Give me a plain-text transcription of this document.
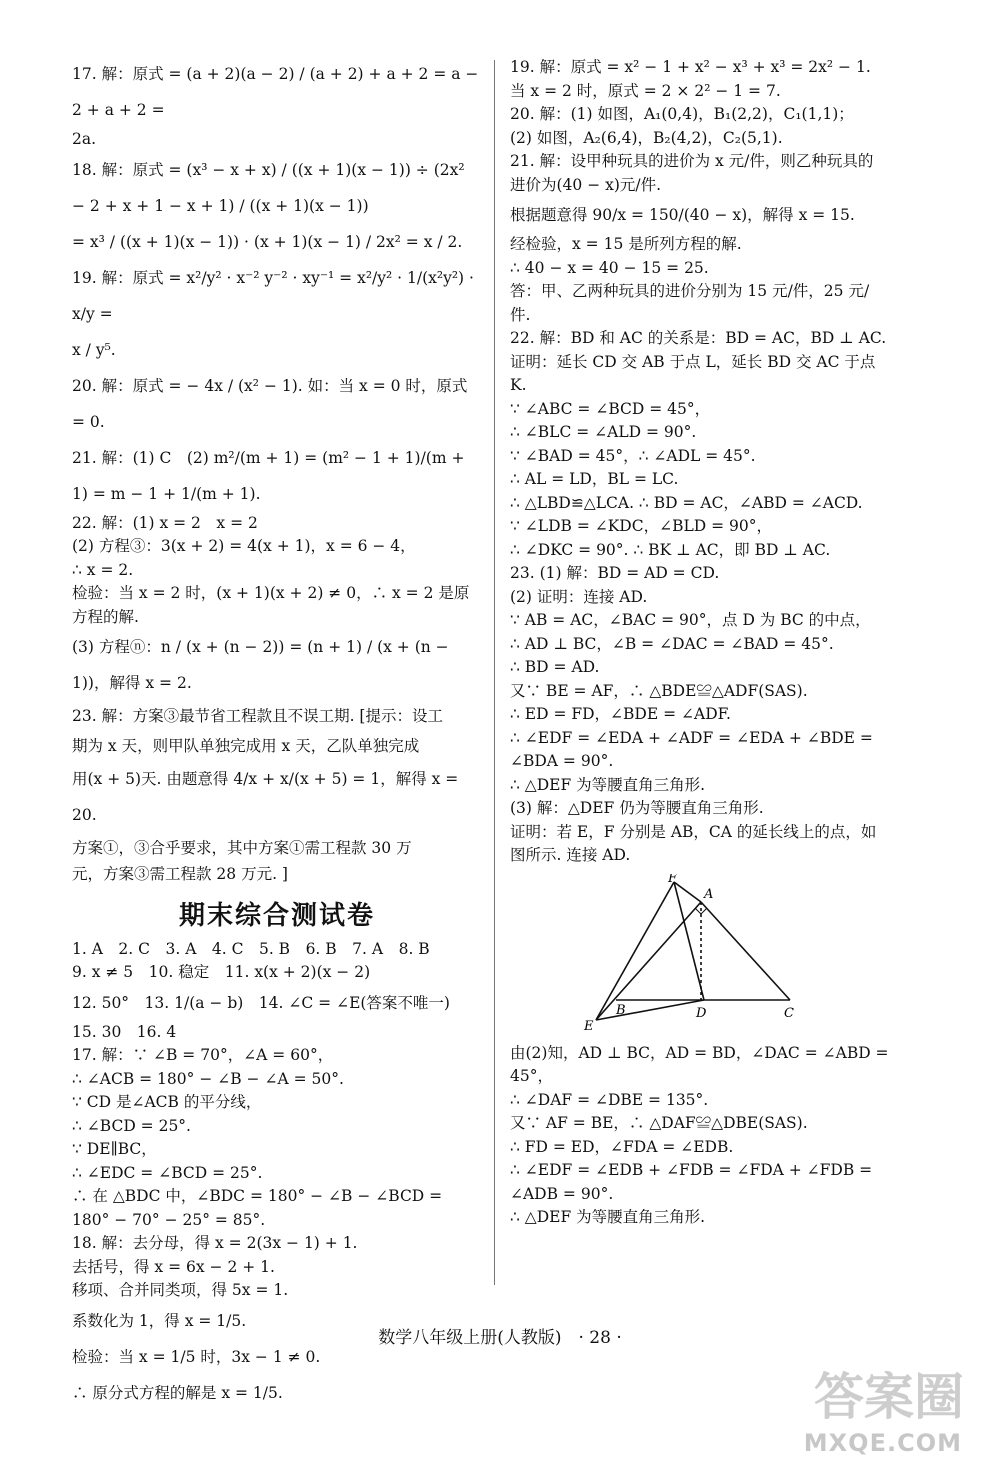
17. 解：原式 = (a + 2)(a − 2) / (a + 2) + a + 2 = a − 2 + a + 2 =
2a.
18. 解：原式 = (x³ − x + x) / ((x + 1)(x − 1)) ÷ (2x² − 2 + x + 1 − x + 1) / ((x + 1)(x − 1))
= x³ / ((x + 1)(x − 1)) · (x + 1)(x − 1) / 2x² = x / 2.
19. 解：原式 = x²/y² · x⁻² y⁻² · xy⁻¹ = x²/y² · 1/(x²y²) · x/y =
x / y⁵.
20. 解：原式 = − 4x / (x² − 1). 如：当 x = 0 时，原式 = 0.
21. 解：(1) C　(2) m²/(m + 1) = (m² − 1 + 1)/(m + 1) = m − 1 + 1/(m + 1).
22. 解：(1) x = 2　x = 2
(2) 方程③：3(x + 2) = 4(x + 1)，x = 6 − 4，
∴ x = 2.
检验：当 x = 2 时，(x + 1)(x + 2) ≠ 0，∴ x = 2 是原
方程的解.
(3) 方程ⓝ：n / (x + (n − 2)) = (n + 1) / (x + (n − 1))，解得 x = 2.
23. 解：方案③最节省工程款且不误工期. [提示：设工
期为 x 天，则甲队单独完成用 x 天，乙队单独完成
用(x + 5)天. 由题意得 4/x + x/(x + 5) = 1，解得 x = 20.
方案①，③合乎要求，其中方案①需工程款 30 万
元，方案③需工程款 28 万元. ]
期末综合测试卷
1. A　2. C　3. A　4. C　5. B　6. B　7. A　8. B
9. x ≠ 5　10. 稳定　11. x(x + 2)(x − 2)
12. 50°　13. 1/(a − b)　14. ∠C = ∠E(答案不唯一)
15. 30　16. 4
17. 解：∵ ∠B = 70°，∠A = 60°，
∴ ∠ACB = 180° − ∠B − ∠A = 50°.
∵ CD 是∠ACB 的平分线，
∴ ∠BCD = 25°.
∵ DE∥BC，
∴ ∠EDC = ∠BCD = 25°.
∴ 在 △BDC 中，∠BDC = 180° − ∠B − ∠BCD =
180° − 70° − 25° = 85°.
18. 解：去分母，得 x = 2(3x − 1) + 1.
去括号，得 x = 6x − 2 + 1.
移项、合并同类项，得 5x = 1.
系数化为 1，得 x = 1/5.
检验：当 x = 1/5 时，3x − 1 ≠ 0.
∴ 原分式方程的解是 x = 1/5.
19. 解：原式 = x² − 1 + x² − x³ + x³ = 2x² − 1.
当 x = 2 时，原式 = 2 × 2² − 1 = 7.
20. 解：(1) 如图，A₁(0,4)，B₁(2,2)，C₁(1,1)；
(2) 如图，A₂(6,4)，B₂(4,2)，C₂(5,1).
21. 解：设甲种玩具的进价为 x 元/件，则乙种玩具的
进价为(40 − x)元/件.
根据题意得 90/x = 150/(40 − x)，解得 x = 15.
经检验，x = 15 是所列方程的解.
∴ 40 − x = 40 − 15 = 25.
答：甲、乙两种玩具的进价分别为 15 元/件，25 元/
件.
22. 解：BD 和 AC 的关系是：BD = AC，BD ⊥ AC.
证明：延长 CD 交 AB 于点 L，延长 BD 交 AC 于点
K.
∵ ∠ABC = ∠BCD = 45°，
∴ ∠BLC = ∠ALD = 90°.
∵ ∠BAD = 45°，∴ ∠ADL = 45°.
∴ AL = LD，BL = LC.
∴ △LBD≌△LCA. ∴ BD = AC，∠ABD = ∠ACD.
∵ ∠LDB = ∠KDC，∠BLD = 90°，
∴ ∠DKC = 90°. ∴ BK ⊥ AC，即 BD ⊥ AC.
23. (1) 解：BD = AD = CD.
(2) 证明：连接 AD.
∵ AB = AC，∠BAC = 90°，点 D 为 BC 的中点，
∴ AD ⊥ BC，∠B = ∠DAC = ∠BAD = 45°.
∴ BD = AD.
又∵ BE = AF，∴ △BDE≌△ADF(SAS).
∴ ED = FD，∠BDE = ∠ADF.
∴ ∠EDF = ∠EDA + ∠ADF = ∠EDA + ∠BDE =
∠BDA = 90°.
∴ △DEF 为等腰直角三角形.
(3) 解：△DEF 仍为等腰直角三角形.
证明：若 E，F 分别是 AB，CA 的延长线上的点，如
图所示. 连接 AD.
F
A
E
B	D	C
由(2)知，AD ⊥ BC，AD = BD，∠DAC = ∠ABD =
45°，
∴ ∠DAF = ∠DBE = 135°.
又∵ AF = BE，∴ △DAF≌△DBE(SAS).
∴ FD = ED，∠FDA = ∠EDB.
∴ ∠EDF = ∠EDB + ∠FDB = ∠FDA + ∠FDB =
∠ADB = 90°.
∴ △DEF 为等腰直角三角形.
数学八年级上册(人教版)　· 28 ·
答案圈
MXQE.COM
